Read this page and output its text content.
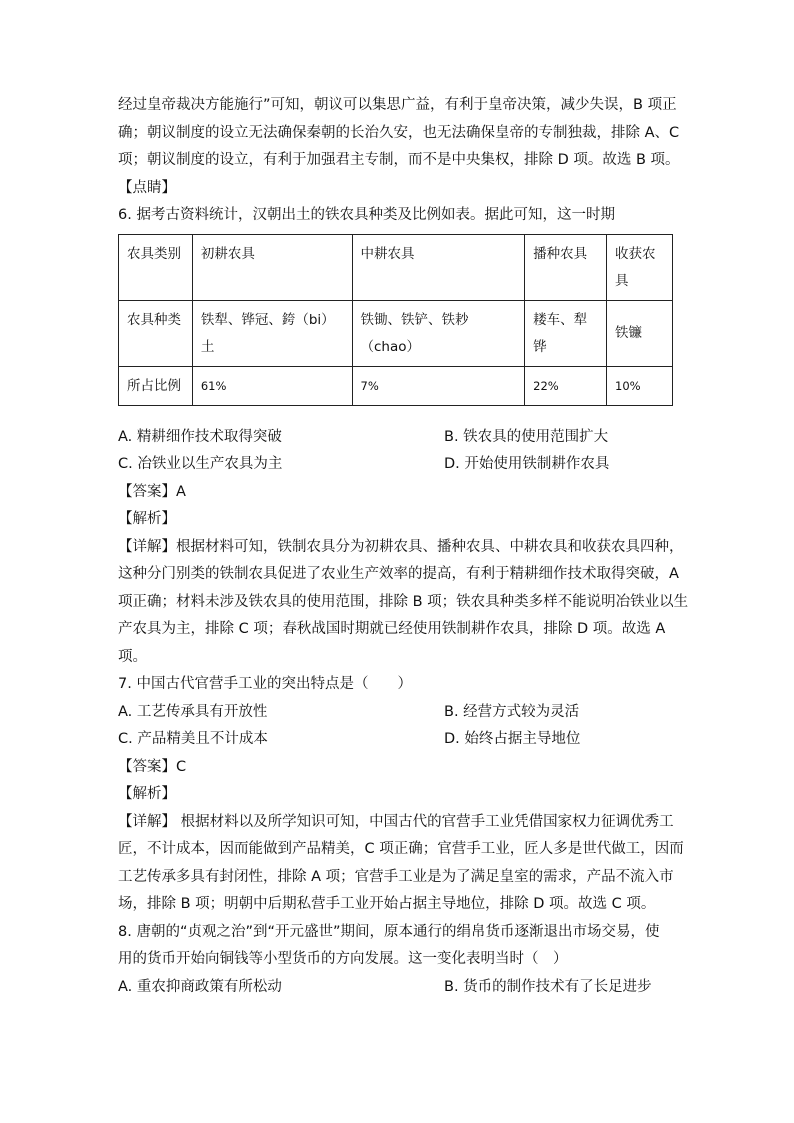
经过皇帝裁决方能施行”可知，朝议可以集思广益，有利于皇帝决策，减少失误，B 项正
确；朝议制度的设立无法确保秦朝的长治久安，也无法确保皇帝的专制独裁，排除 A、C
项；朝议制度的设立，有利于加强君主专制，而不是中央集权，排除 D 项。故选 B 项。
【点睛】
6. 据考古资料统计，汉朝出土的铁农具种类及比例如表。据此可知，这一时期
农具类别	初耕农具	中耕农具	播种农具	收获农具
农具种类	铁犁、铧冠、銙（bi）土	铁锄、铁铲、铁耖（chao）	耧车、犁铧	铁镰
所占比例	61%	7%	22%	10%
A. 精耕细作技术取得突破	B. 铁农具的使用范围扩大
C. 冶铁业以生产农具为主	D. 开始使用铁制耕作农具
【答案】A
【解析】
【详解】根据材料可知，铁制农具分为初耕农具、播种农具、中耕农具和收获农具四种，
这种分门别类的铁制农具促进了农业生产效率的提高，有利于精耕细作技术取得突破，A
项正确；材料未涉及铁农具的使用范围，排除 B 项；铁农具种类多样不能说明冶铁业以生
产农具为主，排除 C 项；春秋战国时期就已经使用铁制耕作农具，排除 D 项。故选 A
项。
7. 中国古代官营手工业的突出特点是（　　）
A. 工艺传承具有开放性	B. 经营方式较为灵活
C. 产品精美且不计成本	D. 始终占据主导地位
【答案】C
【解析】
【详解】 根据材料以及所学知识可知，中国古代的官营手工业凭借国家权力征调优秀工
匠，不计成本，因而能做到产品精美，C 项正确；官营手工业，匠人多是世代做工，因而
工艺传承多具有封闭性，排除 A 项；官营手工业是为了满足皇室的需求，产品不流入市
场，排除 B 项；明朝中后期私营手工业开始占据主导地位，排除 D 项。故选 C 项。
8. 唐朝的“贞观之治”到“开元盛世”期间，原本通行的绢帛货币逐渐退出市场交易，使
用的货币开始向铜钱等小型货币的方向发展。这一变化表明当时（　）
A. 重农抑商政策有所松动	B. 货币的制作技术有了长足进步
